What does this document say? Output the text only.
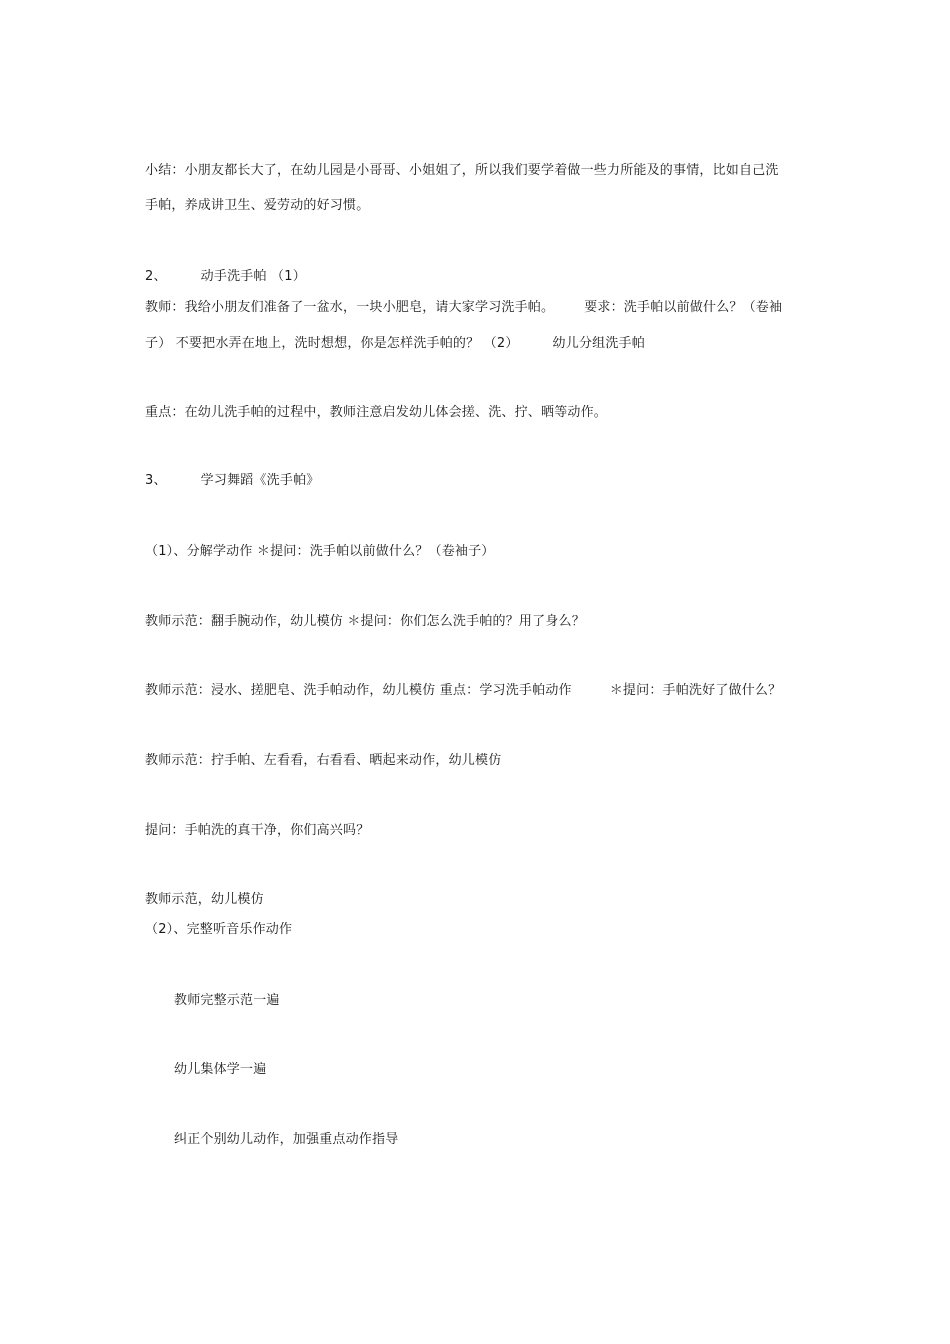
小结：小朋友都长大了，在幼儿园是小哥哥、小姐姐了，所以我们要学着做一些力所能及的事情，比如自己洗
手帕，养成讲卫生、爱劳动的好习惯。
2、	动手洗手帕 （1）
教师：我给小朋友们准备了一盆水，一块小肥皂，请大家学习洗手帕。 要求：洗手帕以前做什么？（卷袖
子） 不要把水弄在地上，洗时想想，你是怎样洗手帕的？ （2）	幼儿分组洗手帕
重点：在幼儿洗手帕的过程中，教师注意启发幼儿体会搓、洗、拧、晒等动作。
3、	学习舞蹈《洗手帕》
（1）、分解学动作 ＊提问：洗手帕以前做什么？（卷袖子）
教师示范：翻手腕动作，幼儿模仿 ＊提问：你们怎么洗手帕的？用了身么？
教师示范：浸水、搓肥皂、洗手帕动作，幼儿模仿 重点：学习洗手帕动作	＊提问：手帕洗好了做什么？
教师示范：拧手帕、左看看，右看看、晒起来动作，幼儿模仿
提问：手帕洗的真干净，你们高兴吗？
教师示范，幼儿模仿
（2）、完整听音乐作动作
教师完整示范一遍
幼儿集体学一遍
纠正个别幼儿动作，加强重点动作指导
